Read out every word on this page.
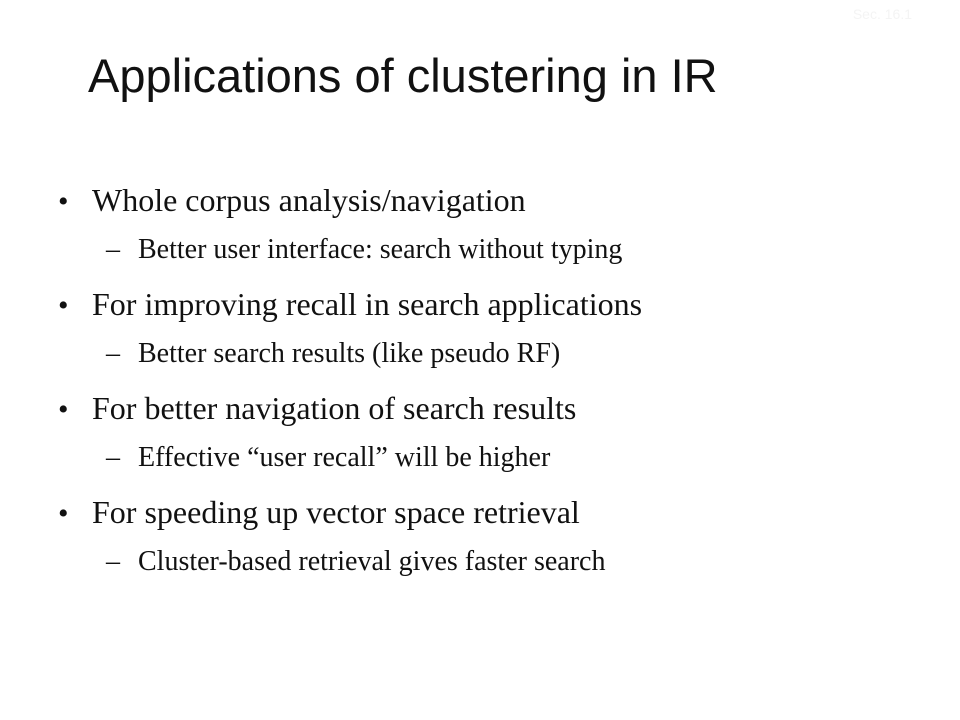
Sec. 16.1
Applications of clustering in IR
• Whole corpus analysis/navigation
– Better user interface: search without typing
• For improving recall in search applications
– Better search results (like pseudo RF)
• For better navigation of search results
– Effective “user recall” will be higher
• For speeding up vector space retrieval
– Cluster-based retrieval gives faster search
